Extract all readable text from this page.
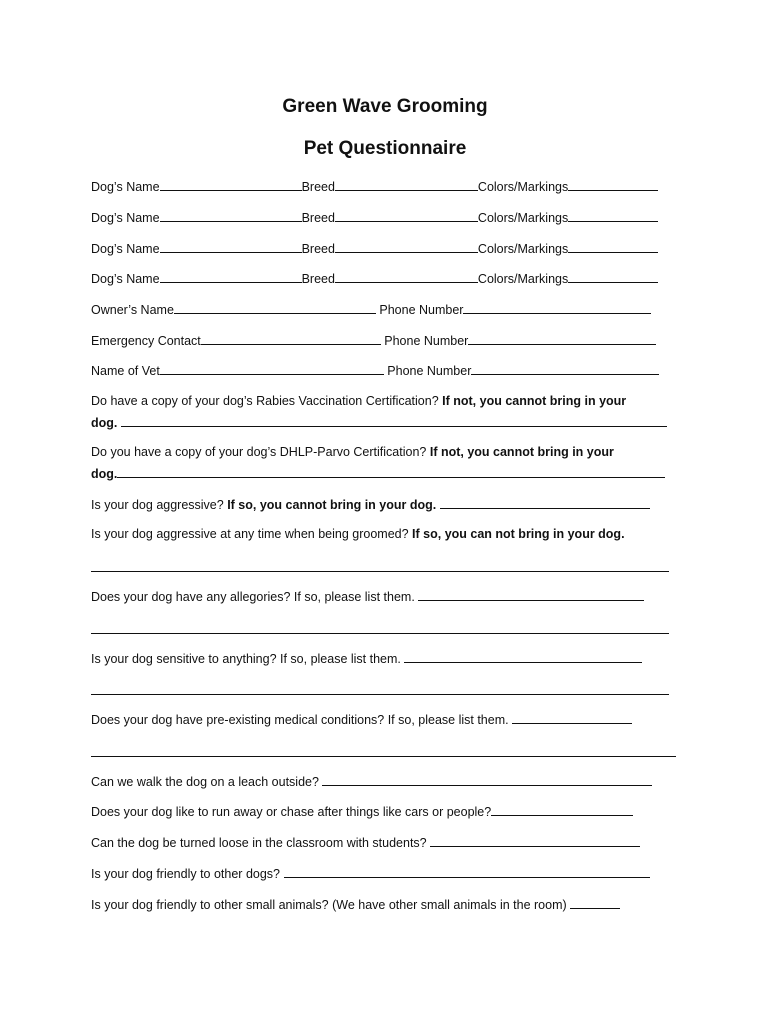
Green Wave Grooming
Pet Questionnaire
Dog’s Name	Breed	Colors/Markings
Dog’s Name	Breed	Colors/Markings
Dog’s Name	Breed	Colors/Markings
Dog’s Name	Breed	Colors/Markings
Owner’s Name	Phone Number
Emergency Contact	Phone Number
Name of Vet	Phone Number
Do have a copy of your dog’s Rabies Vaccination Certification? If not, you cannot bring in your
dog.
Do you have a copy of your dog’s DHLP-Parvo Certification? If not, you cannot bring in your
dog.
Is your dog aggressive? If so, you cannot bring in your dog.
Is your dog aggressive at any time when being groomed? If so, you can not bring in your dog.
Does your dog have any allegories? If so, please list them.
Is your dog sensitive to anything? If so, please list them.
Does your dog have pre-existing medical conditions? If so, please list them.
Can we walk the dog on a leach outside?
Does your dog like to run away or chase after things like cars or people?
Can the dog be turned loose in the classroom with students?
Is your dog friendly to other dogs?
Is your dog friendly to other small animals? (We have other small animals in the room)
